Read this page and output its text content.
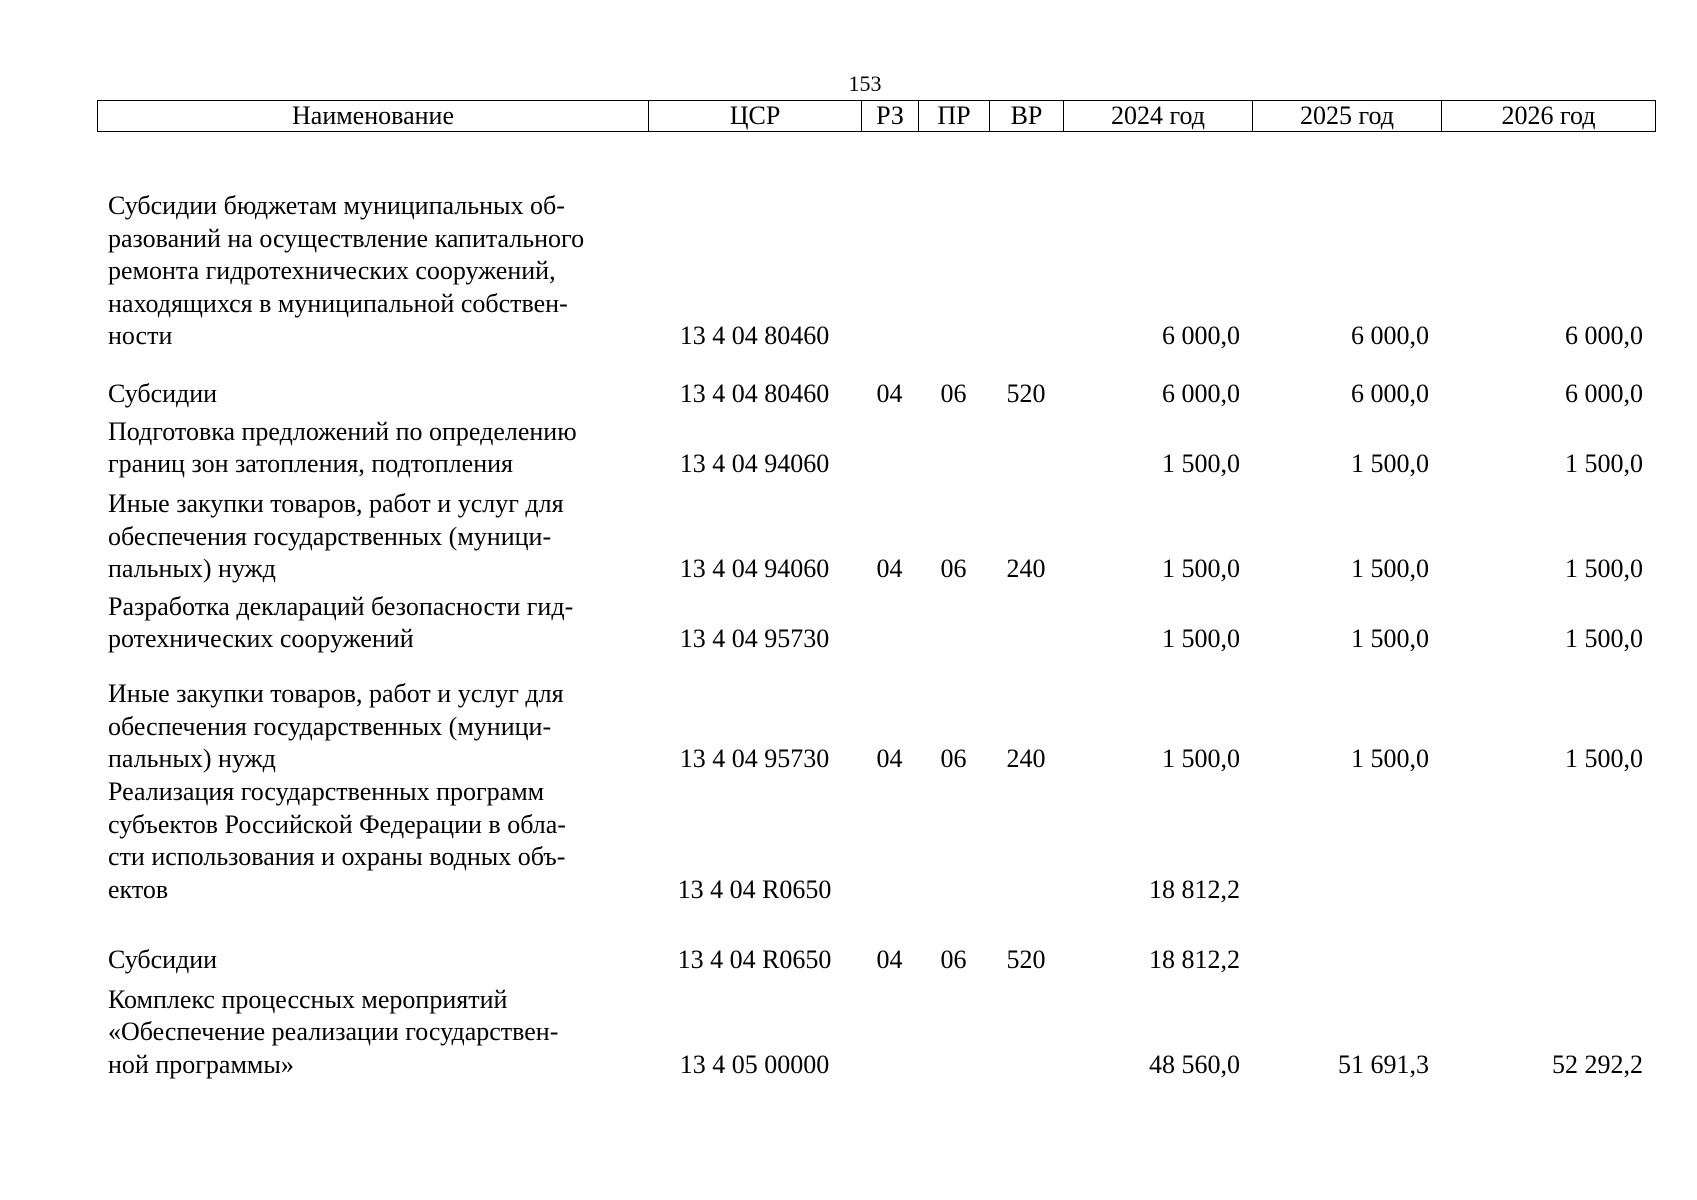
153
Наименование	ЦСР	РЗ	ПР	ВР	2024 год	2025 год	2026 год
Субсидии бюджетам муниципальных об-
разований на осуществление капитального
ремонта гидротехнических сооружений,
находящихся в муниципальной собствен-
ности	13 4 04 80460				6 000,0	6 000,0	6 000,0

Субсидии	13 4 04 80460	04	06	520	6 000,0	6 000,0	6 000,0

Подготовка предложений по определению
границ зон затопления, подтопления	13 4 04 94060				1 500,0	1 500,0	1 500,0

Иные закупки товаров, работ и услуг для
обеспечения государственных (муници-
пальных) нужд	13 4 04 94060	04	06	240	1 500,0	1 500,0	1 500,0

Разработка деклараций безопасности гид-
ротехнических сооружений	13 4 04 95730				1 500,0	1 500,0	1 500,0

Иные закупки товаров, работ и услуг для
обеспечения государственных (муници-
пальных) нужд	13 4 04 95730	04	06	240	1 500,0	1 500,0	1 500,0

Реализация государственных программ
субъектов Российской Федерации в обла-
сти использования и охраны водных объ-
ектов	13 4 04 R0650				18 812,2		

Субсидии	13 4 04 R0650	04	06	520	18 812,2		

Комплекс процессных мероприятий
«Обеспечение реализации государствен-
ной программы»	13 4 05 00000				48 560,0	51 691,3	52 292,2
